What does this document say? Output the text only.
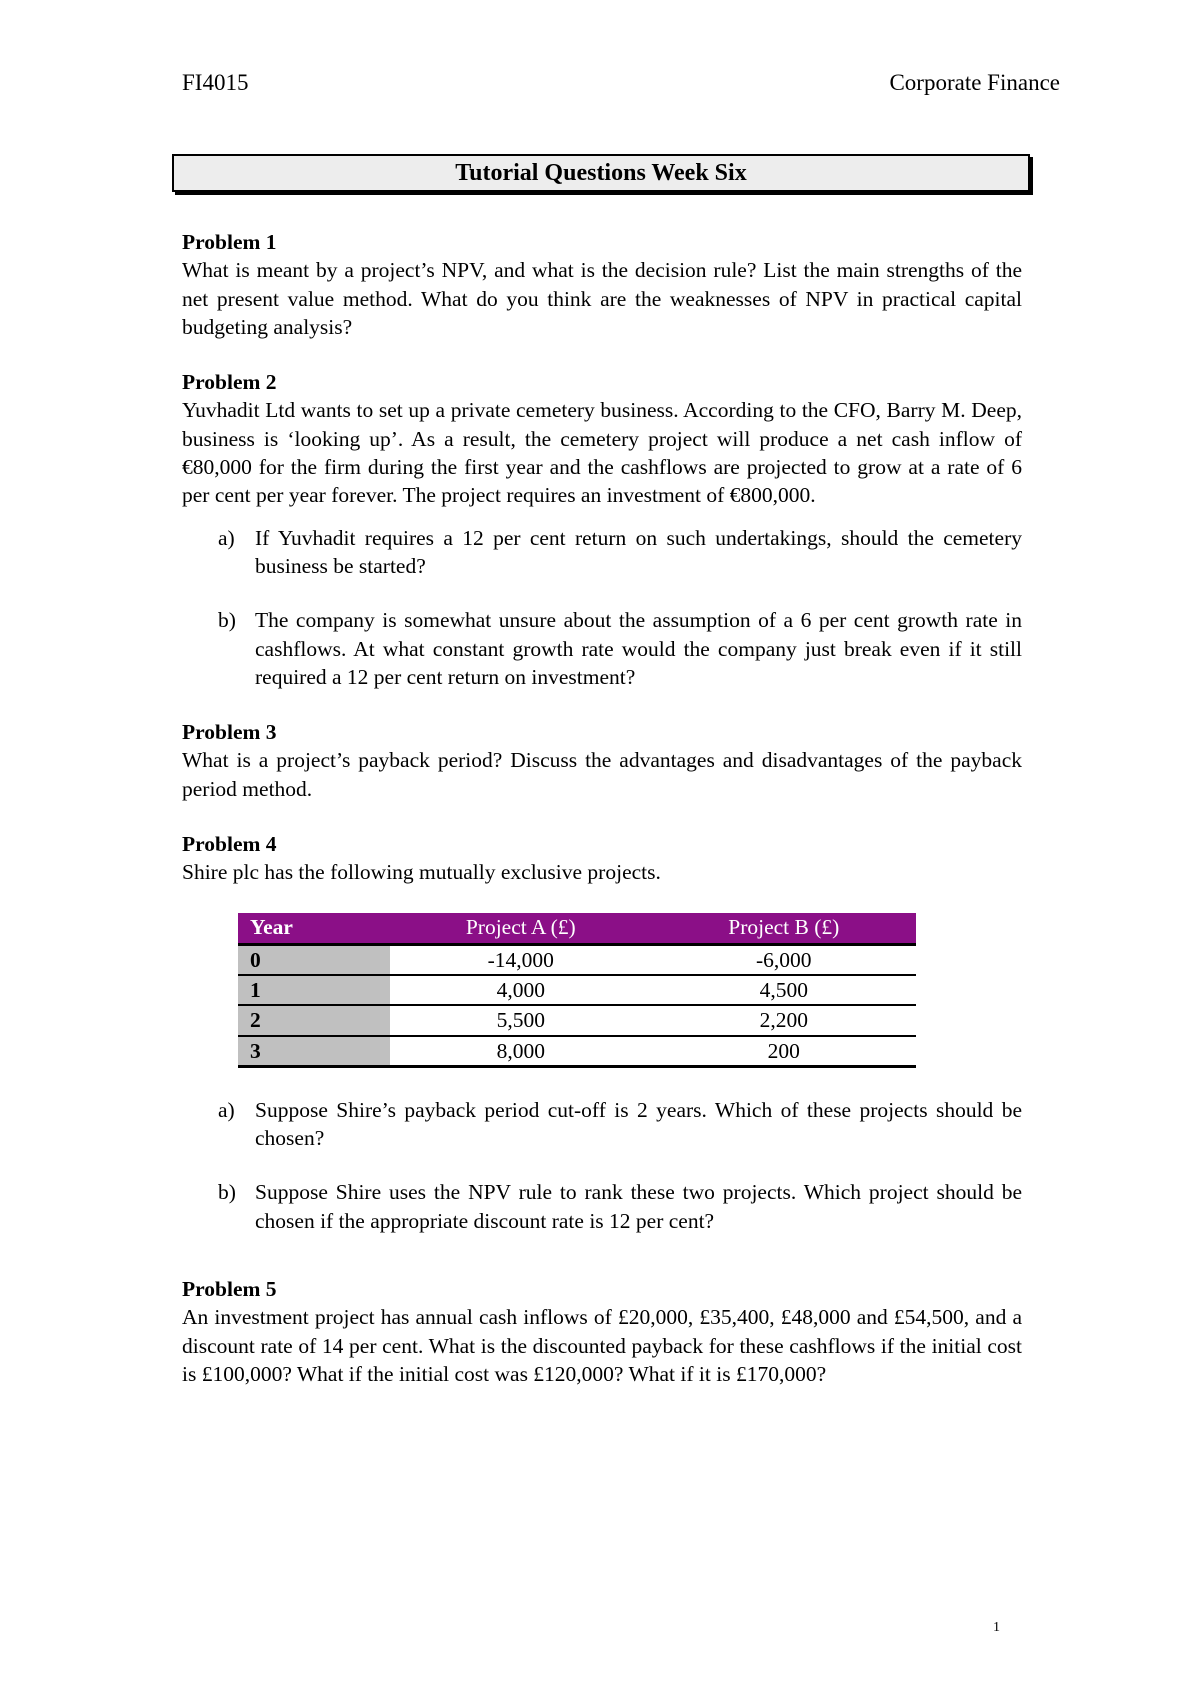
FI4015	Corporate Finance
Tutorial Questions Week Six

Problem 1

What is meant by a project’s NPV, and what is the decision rule? List the main strengths of the net present value method. What do you think are the weaknesses of NPV in practical capital budgeting analysis?

Problem 2

Yuvhadit Ltd wants to set up a private cemetery business. According to the CFO, Barry M. Deep, business is ‘looking up’. As a result, the cemetery project will produce a net cash inflow of €80,000 for the firm during the first year and the cashflows are projected to grow at a rate of 6 per cent per year forever. The project requires an investment of €800,000.

a) If Yuvhadit requires a 12 per cent return on such undertakings, should the cemetery business be started?
b) The company is somewhat unsure about the assumption of a 6 per cent growth rate in cashflows. At what constant growth rate would the company just break even if it still required a 12 per cent return on investment?

Problem 3

What is a project’s payback period? Discuss the advantages and disadvantages of the payback period method.

Problem 4

Shire plc has the following mutually exclusive projects.

Year	Project A (£)	Project B (£)
0	-14,000	-6,000
1	4,000	4,500
2	5,500	2,200
3	8,000	200
a) Suppose Shire’s payback period cut-off is 2 years. Which of these projects should be chosen?
b) Suppose Shire uses the NPV rule to rank these two projects. Which project should be chosen if the appropriate discount rate is 12 per cent?

Problem 5

An investment project has annual cash inflows of £20,000, £35,400, £48,000 and £54,500, and a discount rate of 14 per cent. What is the discounted payback for these cashflows if the initial cost is £100,000? What if the initial cost was £120,000? What if it is £170,000?

1
